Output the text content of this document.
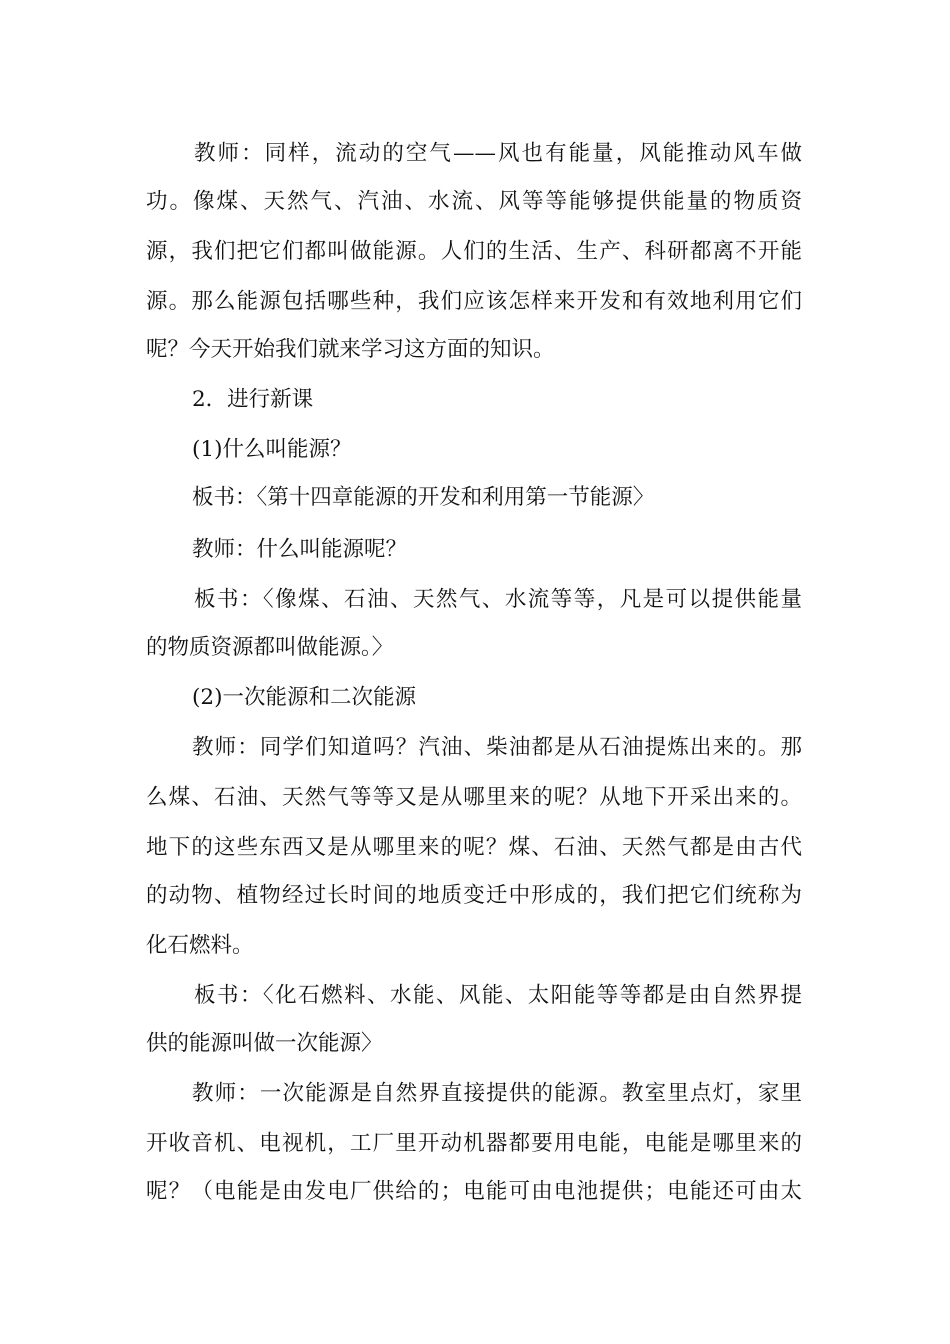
教师：同样，流动的空气——风也有能量，风能推动风车做
功。像煤、天然气、汽油、水流、风等等能够提供能量的物质资
源，我们把它们都叫做能源。人们的生活、生产、科研都离不开能
源。那么能源包括哪些种，我们应该怎样来开发和有效地利用它们
呢？今天开始我们就来学习这方面的知识。
2．进行新课
(1)什么叫能源？
板书：〈第十四章能源的开发和利用第一节能源〉
教师：什么叫能源呢？
板书：〈像煤、石油、天然气、水流等等，凡是可以提供能量
的物质资源都叫做能源。〉
(2)一次能源和二次能源
教师：同学们知道吗？汽油、柴油都是从石油提炼出来的。那
么煤、石油、天然气等等又是从哪里来的呢？从地下开采出来的。
地下的这些东西又是从哪里来的呢？煤、石油、天然气都是由古代
的动物、植物经过长时间的地质变迁中形成的，我们把它们统称为
化石燃料。
板书：〈化石燃料、水能、风能、太阳能等等都是由自然界提
供的能源叫做一次能源〉
教师：一次能源是自然界直接提供的能源。教室里点灯，家里
开收音机、电视机，工厂里开动机器都要用电能，电能是哪里来的
呢？（电能是由发电厂供给的；电能可由电池提供；电能还可由太
